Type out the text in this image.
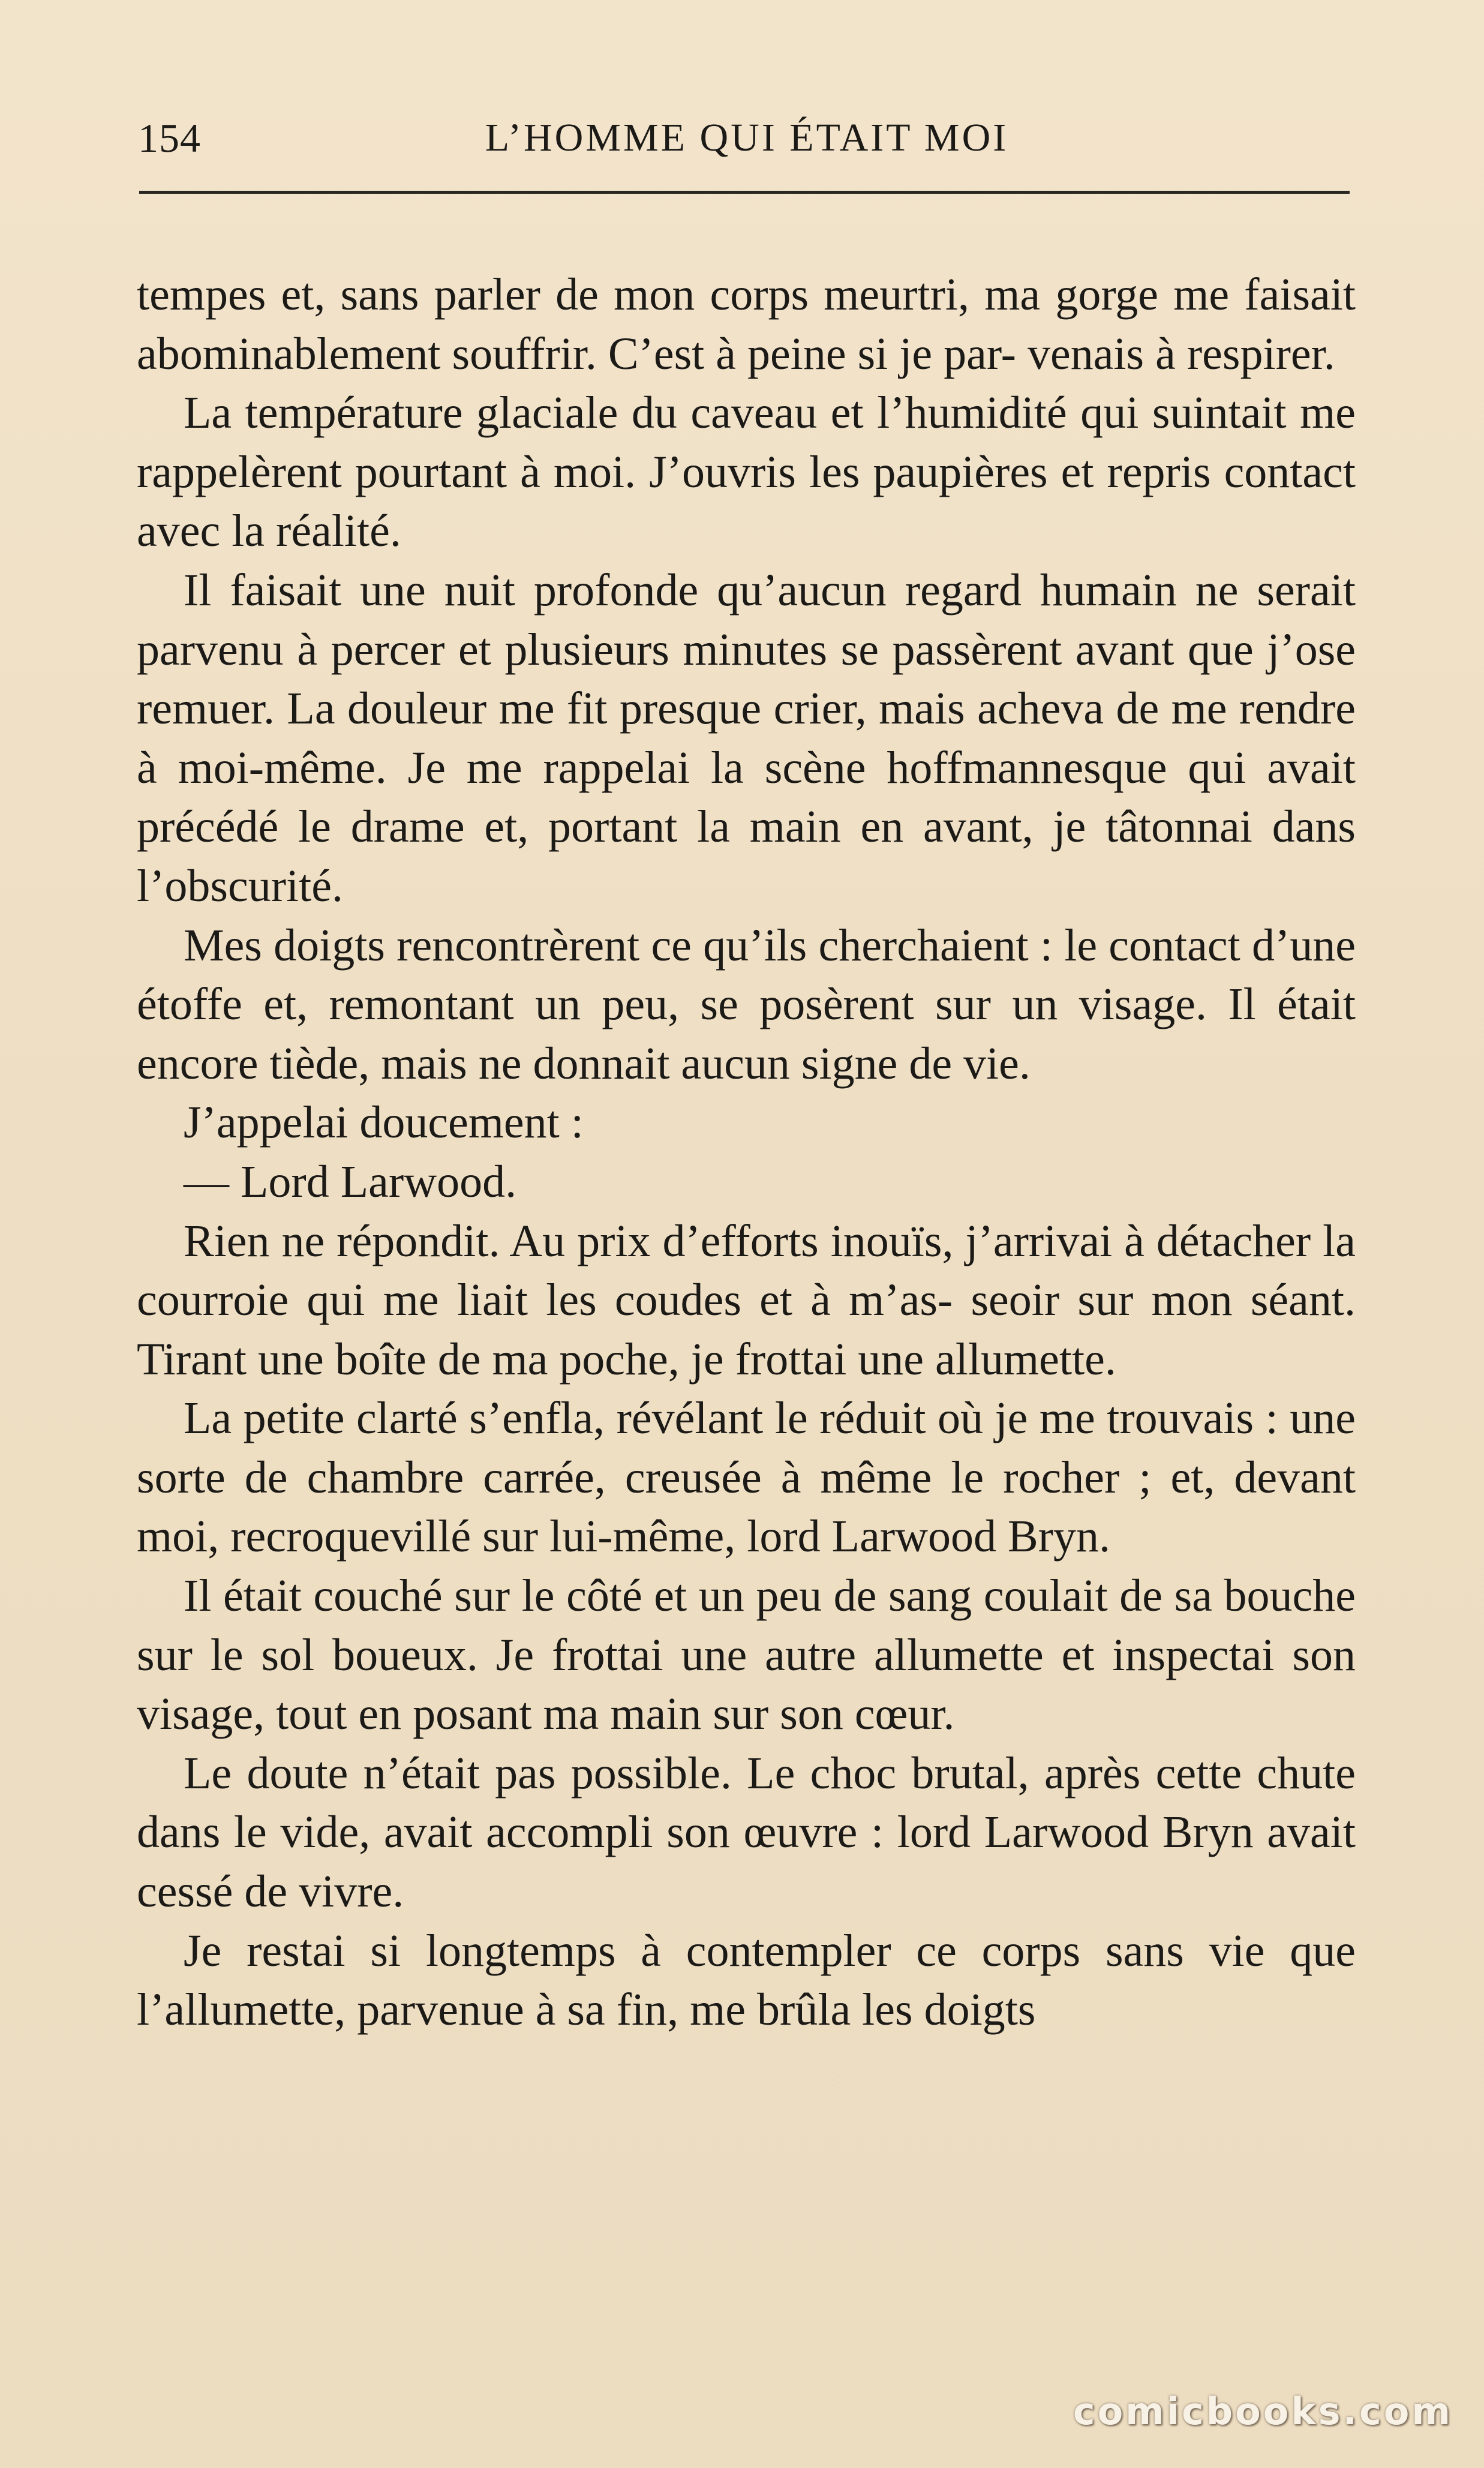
154	L’HOMME QUI ÉTAIT MOI

tempes et, sans parler de mon corps meurtri, ma gorge me faisait abominablement souffrir. C’est à peine si je par- venais à respirer.

La température glaciale du caveau et l’humidité qui suintait me rappelèrent pourtant à moi. J’ouvris les paupières et repris contact avec la réalité.

Il faisait une nuit profonde qu’aucun regard humain ne serait parvenu à percer et plusieurs minutes se passèrent avant que j’ose remuer. La douleur me fit presque crier, mais acheva de me rendre à moi-même. Je me rappelai la scène hoffmannesque qui avait précédé le drame et, portant la main en avant, je tâtonnai dans l’obscurité.

Mes doigts rencontrèrent ce qu’ils cherchaient : le contact d’une étoffe et, remontant un peu, se posèrent sur un visage. Il était encore tiède, mais ne donnait aucun signe de vie.

J’appelai doucement :

— Lord Larwood.

Rien ne répondit. Au prix d’efforts inouïs, j’arrivai à détacher la courroie qui me liait les coudes et à m’as- seoir sur mon séant. Tirant une boîte de ma poche, je frottai une allumette.

La petite clarté s’enfla, révélant le réduit où je me trouvais : une sorte de chambre carrée, creusée à même le rocher ; et, devant moi, recroquevillé sur lui-même, lord Larwood Bryn.

Il était couché sur le côté et un peu de sang coulait de sa bouche sur le sol boueux. Je frottai une autre allumette et inspectai son visage, tout en posant ma main sur son cœur.

Le doute n’était pas possible. Le choc brutal, après cette chute dans le vide, avait accompli son œuvre : lord Larwood Bryn avait cessé de vivre.

Je restai si longtemps à contempler ce corps sans vie que l’allumette, parvenue à sa fin, me brûla les doigts

comicbooks.com
